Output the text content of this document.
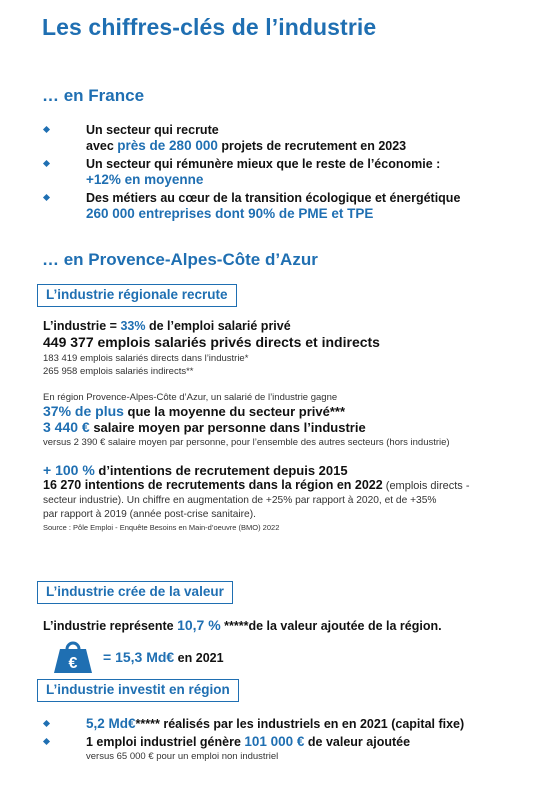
Les chiffres-clés de l’industrie
… en France
Un secteur qui recrute
avec près de 280 000 projets de recrutement en 2023
Un secteur qui rémunère mieux que le reste de l’économie :
+12% en moyenne
Des métiers au cœur de la transition écologique et énergétique
260 000 entreprises dont 90% de PME et TPE
… en Provence-Alpes-Côte d’Azur
L’industrie régionale recrute
L’industrie = 33% de l’emploi salarié privé
449 377 emplois salariés privés directs et indirects
183 419 emplois salariés directs dans l’industrie*
265 958 emplois salariés indirects**
En région Provence-Alpes-Côte d’Azur, un salarié de l’industrie gagne
37% de plus que la moyenne du secteur privé***
3 440 € salaire moyen par personne dans l’industrie
versus 2 390 € salaire moyen par personne, pour l’ensemble des autres secteurs (hors industrie)
+ 100 % d’intentions de recrutement depuis 2015
16 270 intentions de recrutements dans la région en 2022 (emplois directs -
secteur industrie). Un chiffre en augmentation de +25% par rapport à 2020, et de +35%
par rapport à 2019 (année post-crise sanitaire).
Source : Pôle Emploi - Enquête Besoins en Main-d’oeuvre (BMO) 2022
L’industrie crée de la valeur
L’industrie représente 10,7 % *****de la valeur ajoutée de la région.
€ = 15,3 Md€ en 2021
L’industrie investit en région
5,2 Md€***** réalisés par les industriels en en 2021 (capital fixe)
1 emploi industriel génère 101 000 € de valeur ajoutée
versus 65 000 € pour un emploi non industriel
